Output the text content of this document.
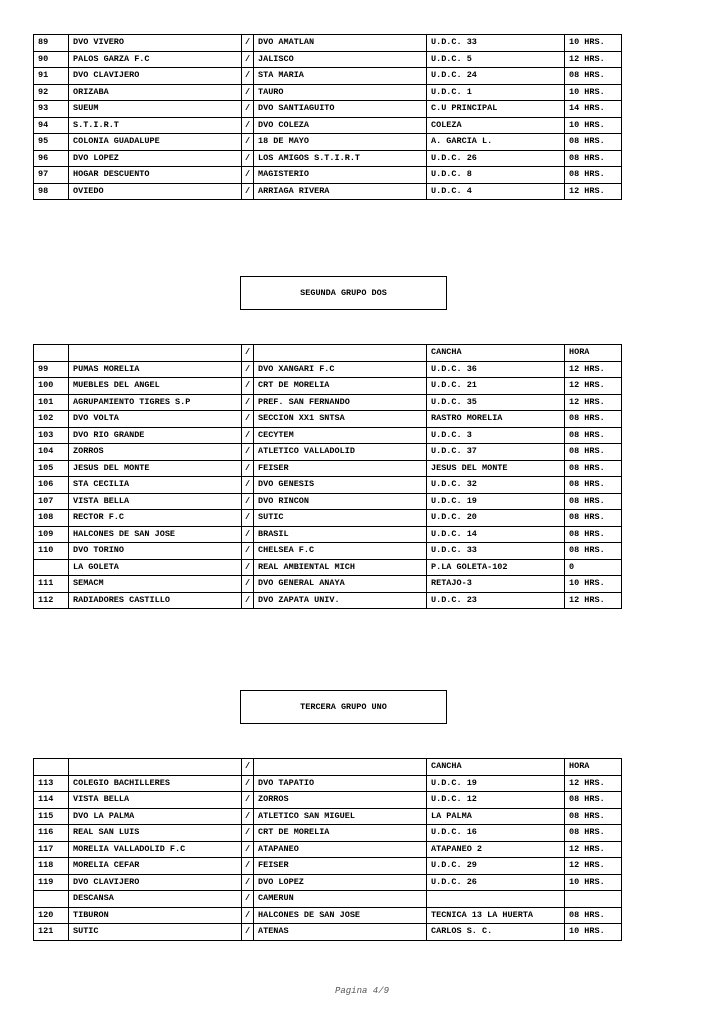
89	DVO VIVERO	/	DVO AMATLAN	U.D.C. 33	10 HRS.
90	PALOS GARZA F.C	/	JALISCO	U.D.C. 5	12 HRS.
91	DVO CLAVIJERO	/	STA MARIA	U.D.C. 24	08 HRS.
92	ORIZABA	/	TAURO	U.D.C. 1	10 HRS.
93	SUEUM	/	DVO SANTIAGUITO	C.U PRINCIPAL	14 HRS.
94	S.T.I.R.T	/	DVO COLEZA	COLEZA	10 HRS.
95	COLONIA GUADALUPE	/	18 DE MAYO	A. GARCIA L.	08 HRS.
96	DVO LOPEZ	/	LOS AMIGOS S.T.I.R.T	U.D.C. 26	08 HRS.
97	HOGAR DESCUENTO	/	MAGISTERIO	U.D.C. 8	08 HRS.
98	OVIEDO	/	ARRIAGA RIVERA	U.D.C. 4	12 HRS.
SEGUNDA GRUPO DOS
		/		CANCHA	HORA
99	PUMAS MORELIA	/	DVO XANGARI F.C	U.D.C. 36	12 HRS.
100	MUEBLES DEL ANGEL	/	CRT DE MORELIA	U.D.C. 21	12 HRS.
101	AGRUPAMIENTO TIGRES S.P	/	PREF. SAN FERNANDO	U.D.C. 35	12 HRS.
102	DVO VOLTA	/	SECCION XX1 SNTSA	RASTRO MORELIA	08 HRS.
103	DVO RIO GRANDE	/	CECYTEM	U.D.C. 3	08 HRS.
104	ZORROS	/	ATLETICO VALLADOLID	U.D.C. 37	08 HRS.
105	JESUS DEL MONTE	/	FEISER	JESUS DEL MONTE	08 HRS.
106	STA CECILIA	/	DVO GENESIS	U.D.C. 32	08 HRS.
107	VISTA BELLA	/	DVO RINCON	U.D.C. 19	08 HRS.
108	RECTOR F.C	/	SUTIC	U.D.C. 20	08 HRS.
109	HALCONES DE SAN JOSE	/	BRASIL	U.D.C. 14	08 HRS.
110	DVO TORINO	/	CHELSEA F.C	U.D.C. 33	08 HRS.
	LA GOLETA	/	REAL AMBIENTAL MICH	P.LA GOLETA-102	0
111	SEMACM	/	DVO GENERAL ANAYA	RETAJO-3	10 HRS.
112	RADIADORES CASTILLO	/	DVO ZAPATA UNIV.	U.D.C. 23	12 HRS.
TERCERA GRUPO UNO
		/		CANCHA	HORA
113	COLEGIO BACHILLERES	/	DVO TAPATIO	U.D.C. 19	12 HRS.
114	VISTA BELLA	/	ZORROS	U.D.C. 12	08 HRS.
115	DVO LA PALMA	/	ATLETICO SAN MIGUEL	LA PALMA	08 HRS.
116	REAL SAN LUIS	/	CRT DE MORELIA	U.D.C. 16	08 HRS.
117	MORELIA VALLADOLID F.C	/	ATAPANEO	ATAPANEO 2	12 HRS.
118	MORELIA CEFAR	/	FEISER	U.D.C. 29	12 HRS.
119	DVO CLAVIJERO	/	DVO LOPEZ	U.D.C. 26	10 HRS.
	DESCANSA	/	CAMERUN		
120	TIBURON	/	HALCONES DE SAN JOSE	TECNICA 13 LA HUERTA	08 HRS.
121	SUTIC	/	ATENAS	CARLOS S. C.	10 HRS.
Pagina 4/9
